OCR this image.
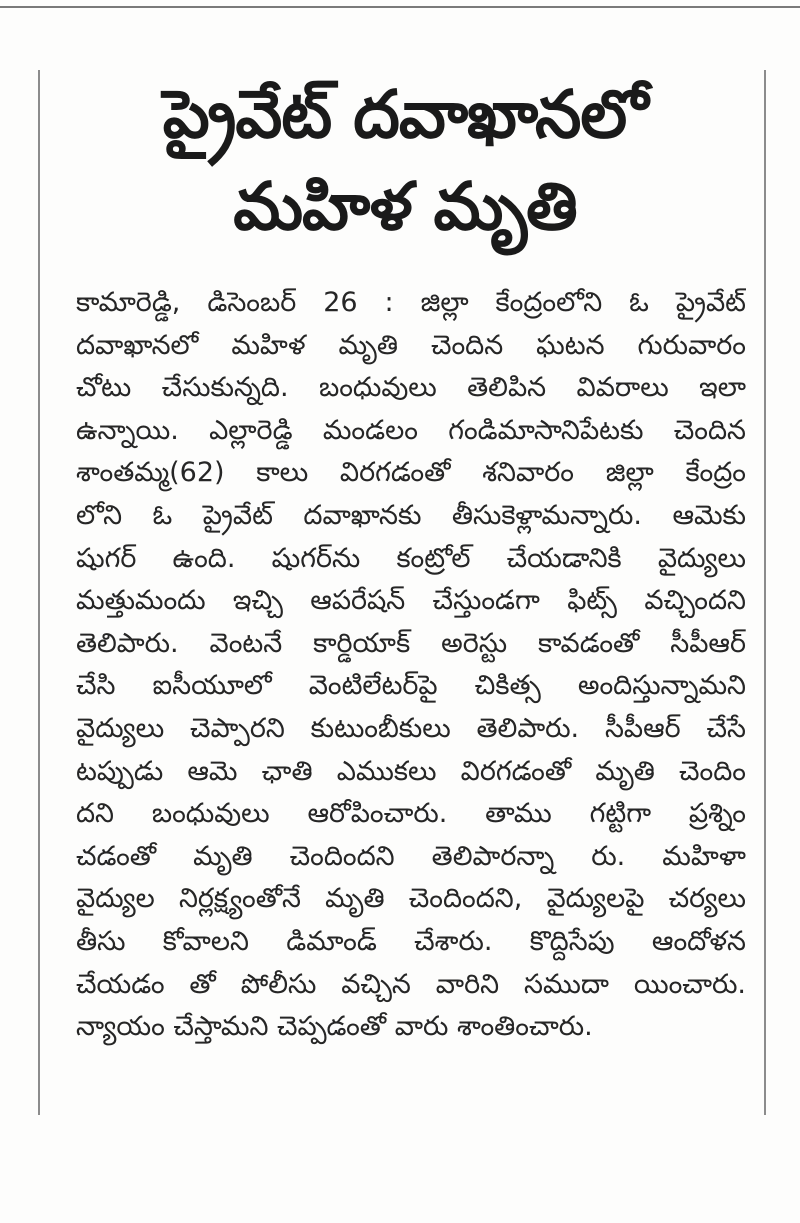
ప్రైవేట్ దవాఖానలో
మహిళ మృతి
కామారెడ్డి, డిసెంబర్ 26 : జిల్లా కేంద్రంలోని ఓ ప్రైవేట్
దవాఖానలో మహిళ మృతి చెందిన ఘటన గురువారం
చోటు చేసుకున్నది. బంధువులు తెలిపిన వివరాలు ఇలా
ఉన్నాయి. ఎల్లారెడ్డి మండలం గండిమాసానిపేటకు చెందిన
శాంతమ్మ(62) కాలు విరగడంతో శనివారం జిల్లా కేంద్రం
లోని ఓ ప్రైవేట్ దవాఖానకు తీసుకెళ్లామన్నారు. ఆమెకు
షుగర్ ఉంది. షుగర్‌ను కంట్రోల్ చేయడానికి వైద్యులు
మత్తుమందు ఇచ్చి ఆపరేషన్ చేస్తుండగా ఫిట్స్ వచ్చిందని
తెలిపారు. వెంటనే కార్డియాక్ అరెస్టు కావడంతో సీపీఆర్
చేసి ఐసీయూలో వెంటిలేటర్‌పై చికిత్స అందిస్తున్నామని
వైద్యులు చెప్పారని కుటుంబీకులు తెలిపారు. సీపీఆర్ చేసే
టప్పుడు ఆమె ఛాతి ఎముకలు విరగడంతో మృతి చెందిం
దని బంధువులు ఆరోపించారు. తాము గట్టిగా ప్రశ్నిం
చడంతో మృతి చెందిందని తెలిపారన్నా రు. మహిళా
వైద్యుల నిర్లక్ష్యంతోనే మృతి చెందిందని, వైద్యులపై చర్యలు
తీసు కోవాలని డిమాండ్ చేశారు. కొద్దిసేపు ఆందోళన
చేయడం తో పోలీసు వచ్చిన వారిని సముదా యించారు.
న్యాయం చేస్తామని చెప్పడంతో వారు శాంతించారు.
